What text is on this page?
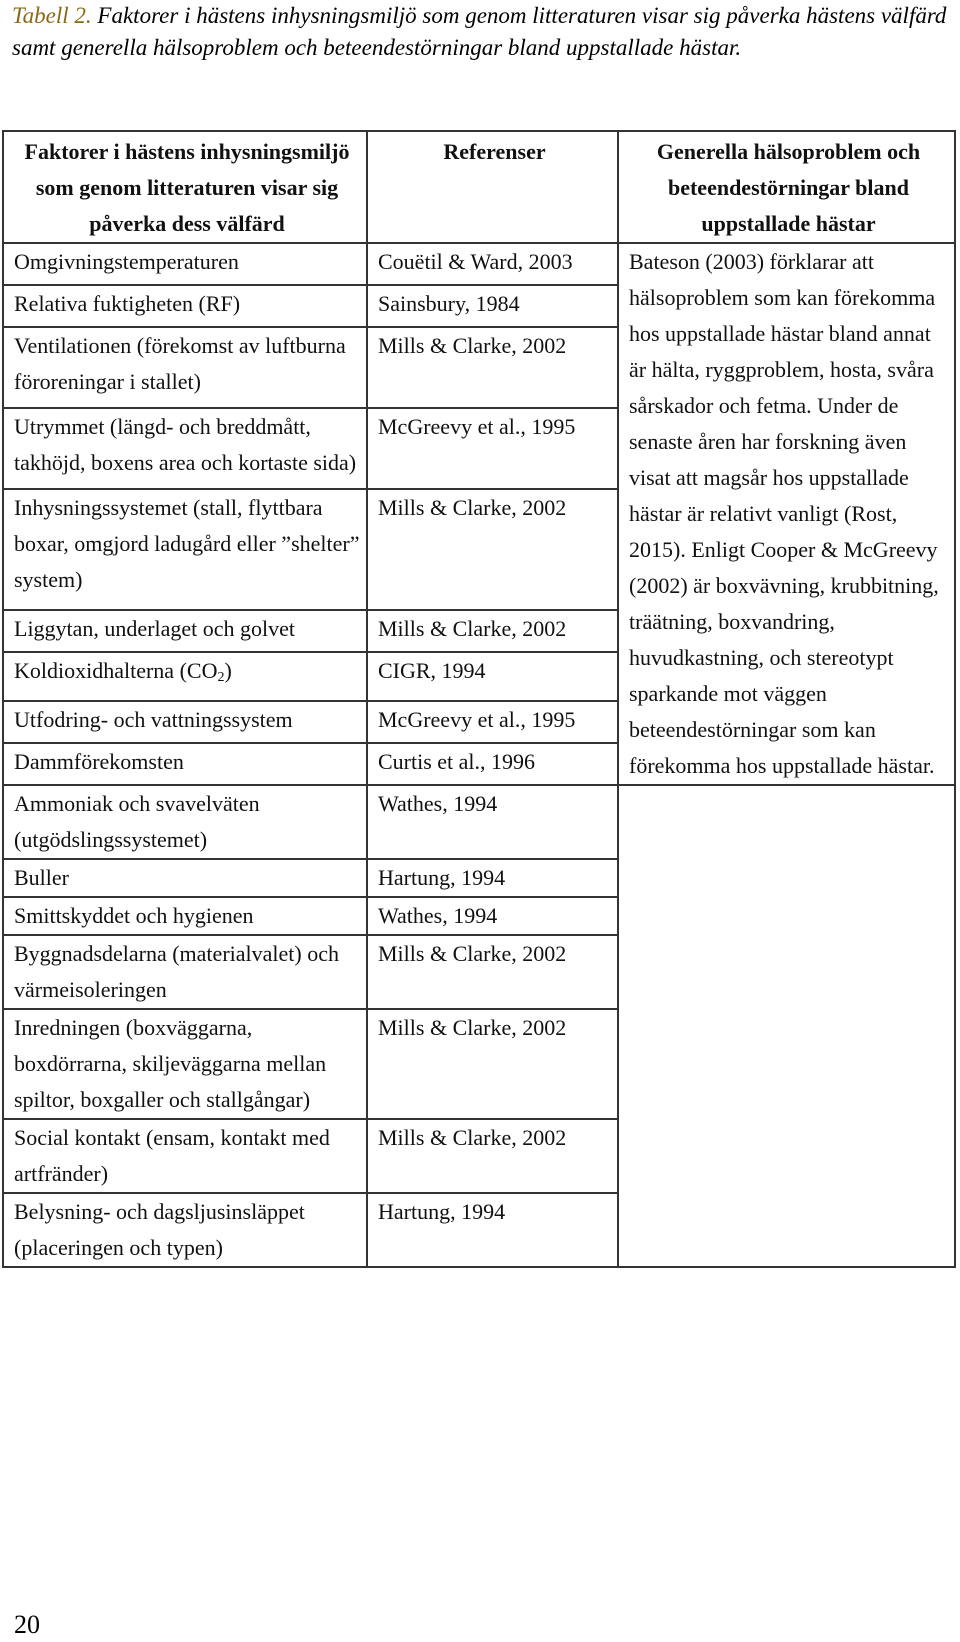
Tabell 2. Faktorer i hästens inhysningsmiljö som genom litteraturen visar sig påverka hästens välfärd samt generella hälsoproblem och beteendestörningar bland uppstallade hästar.
Faktorer i hästens inhysningsmiljö som genom litteraturen visar sig påverka dess välfärd	Referenser	Generella hälsoproblem och beteendestörningar bland uppstallade hästar
Omgivningstemperaturen	Couëtil & Ward, 2003	Bateson (2003) förklarar att hälsoproblem som kan förekomma hos uppstallade hästar bland annat är hälta, ryggproblem, hosta, svåra sårskador och fetma. Under de senaste åren har forskning även visat att magsår hos uppstallade hästar är relativt vanligt (Rost, 2015). Enligt Cooper & McGreevy (2002) är boxvävning, krubbitning, träätning, boxvandring, huvudkastning, och stereotypt sparkande mot väggen beteendestörningar som kan förekomma hos uppstallade hästar.
Relativa fuktigheten (RF)	Sainsbury, 1984	
Ventilationen (förekomst av luftburna föroreningar i stallet)	Mills & Clarke, 2002	
Utrymmet (längd- och breddmått, takhöjd, boxens area och kortaste sida)	McGreevy et al., 1995	
Inhysningssystemet (stall, flyttbara boxar, omgjord ladugård eller ”shelter” system)	Mills & Clarke, 2002	
Liggytan, underlaget och golvet	Mills & Clarke, 2002	
Koldioxidhalterna $(CO_2)$	CIGR, 1994	
Utfodring- och vattningssystem	McGreevy et al., 1995	
Dammförekomsten	Curtis et al., 1996	
Ammoniak och svavelväten (utgödslingssystemet)	Wathes, 1994	
Buller	Hartung, 1994	
Smittskyddet och hygienen	Wathes, 1994	
Byggnadsdelarna (materialvalet) och värmeisoleringen	Mills & Clarke, 2002	
Inredningen (boxväggarna, boxdörrarna, skiljeväggarna mellan spiltor, boxgaller och stallgångar)	Mills & Clarke, 2002	
Social kontakt (ensam, kontakt med artfränder)	Mills & Clarke, 2002	
Belysning- och dagsljusinsläppet (placeringen och typen)	Hartung, 1994	
20
